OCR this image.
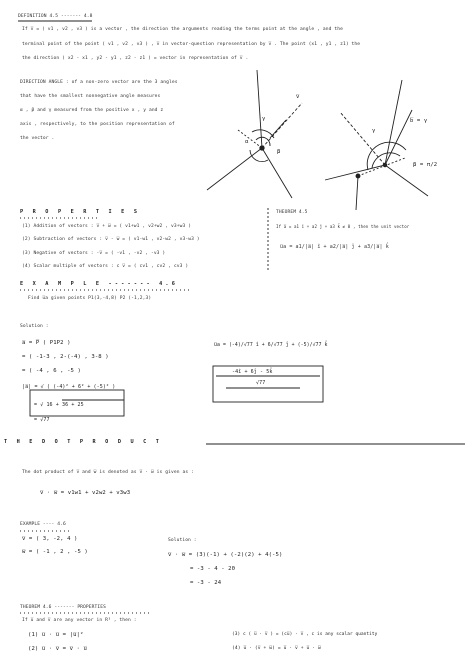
DEFINITION 4.5 ------- 4.8
If v̅ = ( v1 , v2 , v3 ) is a vector , the direction the arguments reading the terms point at the angle , and the
terminal point of the point ( v1 , v2 , v3 ) , v̅ in vector-question representation by v̅ . The point (x1 , y1 , z1) the
the direction ( x2 - x1 , y2 - y1 , z2 - z1 ) = vector in representation of v̅ .
DIRECTION ANGLE : of a non-zero vector are the 3 angles
that have the smallest nonnegative angle measures
α , β and γ measured from the positive x , y and z
axis , respectively, to the position representation of
the vector .
v̅
γ
α
β
b̅ = γ
γ
β = π/2
P R O P E R T I E S
(1) Addition of vectors : v̅ + w̅ = ( v1+w1 , v2+w2 , v3+w3 )
(2) Subtraction of vectors : v̅ - w̅ = ( v1-w1 , v2-w2 , v3-w3 )
(3) Negative of vectors : -v̅ = ( -v1 , -v2 , -v3 )
(4) Scalar multiple of vectors : c v̅ = ( cv1 , cv2 , cv3 )
THEOREM 4.5
If a̅ = a1 î + a2 ĵ + a3 k̂ ≠ 0 , then the unit vector
u̅a = a1/|a̅| î + a2/|a̅| ĵ + a3/|a̅| k̂
E X A M P L E ------- 4.6
Find u̅a given points P1(3,-4,8) P2 (-1,2,3)
Solution :
a̅ = P̅ ( P1P2 )
= ( -1-3 , 2-(-4) , 3-8 )
= ( -4 , 6 , -5 )
|a̅| = √ ( (-4)² + 6² + (-5)² )
= √ 16 + 36 + 25
= √77
u̅a = (-4)/√77 î + 6/√77 ĵ + (-5)/√77 k̂
-4î + 6ĵ - 5k̂
√77
T H E D O T P R O D U C T
The dot product of v̅ and w̅ is denoted as v̅ · w̅ is given as :
v̅ · w̅ = v1w1 + v2w2 + v3w3
EXAMPLE ---- 4.6
v̅ = ( 3, -2, 4 )
w̅ = ( -1 , 2 , -5 )
Solution :
v̅ · w̅ = (3)(-1) + (-2)(2) + 4(-5)
= -3 - 4 - 20
= -3 - 24
THEOREM 4.6 ------- PROPERTIES
If u̅ and v̅ are any vector in R³ , then :
(1) u̅ · u̅ = |u̅|²
(2) u̅ · v̅ = v̅ · u̅
(3) c ( u̅ · v̅ ) = (cu̅) · v̅ , c is any scalar quantity
(4) u̅ · (v̅ + w̅) = u̅ · v̅ + u̅ · w̅
